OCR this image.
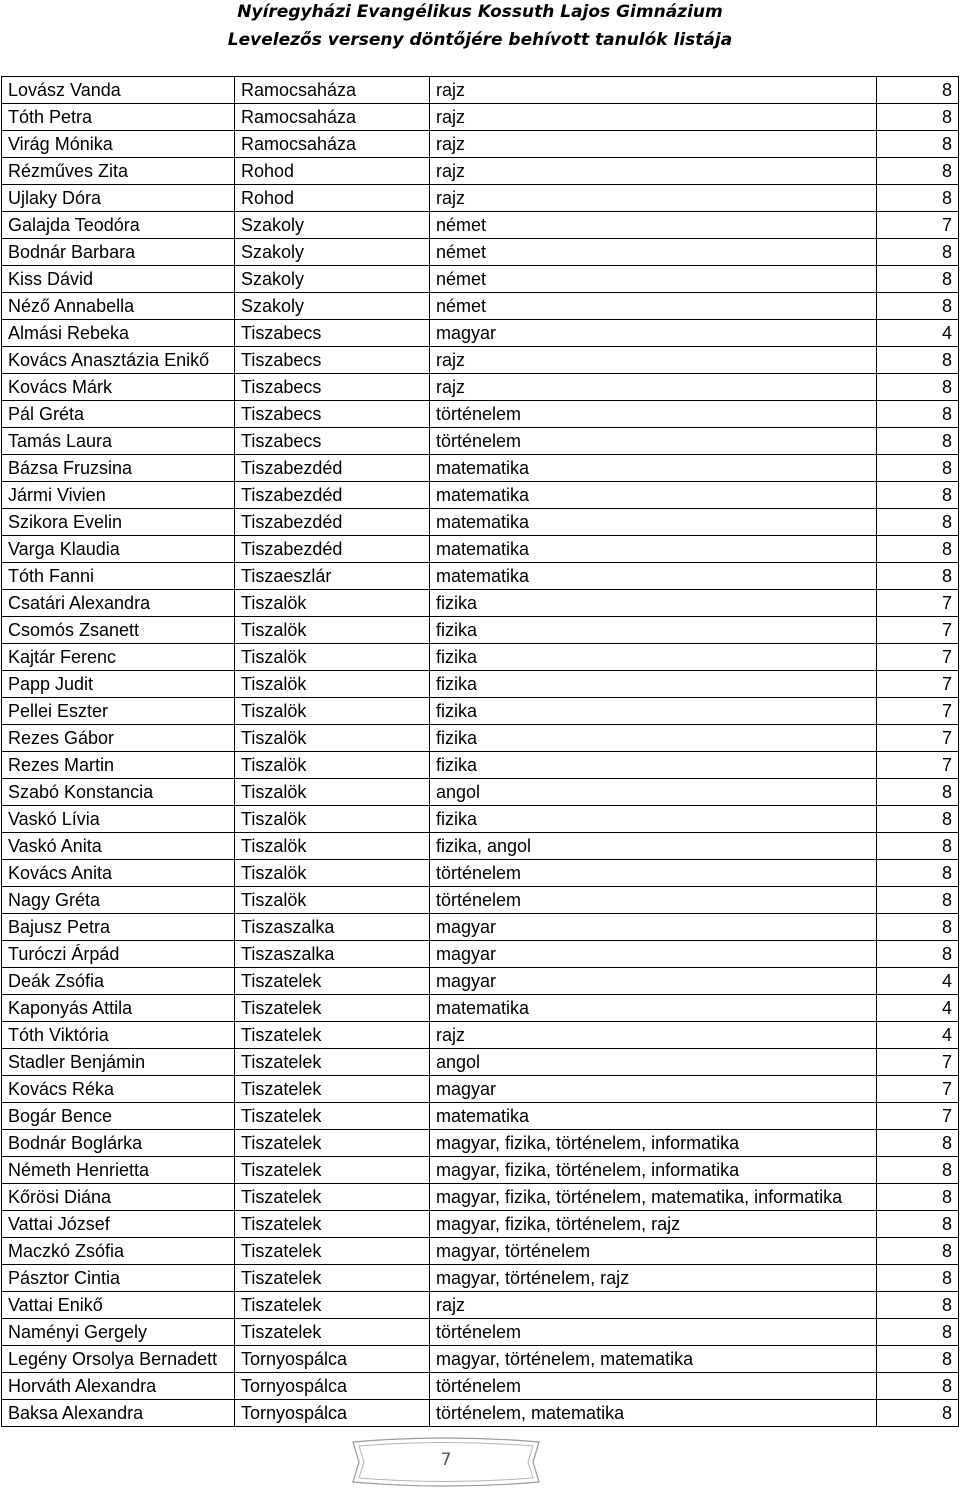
Nyíregyházi Evangélikus Kossuth Lajos Gimnázium
Levelezős verseny döntőjére behívott tanulók listája
Lovász Vanda	Ramocsaháza	rajz	8
Tóth Petra	Ramocsaháza	rajz	8
Virág Mónika	Ramocsaháza	rajz	8
Rézműves Zita	Rohod	rajz	8
Ujlaky Dóra	Rohod	rajz	8
Galajda Teodóra	Szakoly	német	7
Bodnár Barbara	Szakoly	német	8
Kiss Dávid	Szakoly	német	8
Néző Annabella	Szakoly	német	8
Almási Rebeka	Tiszabecs	magyar	4
Kovács Anasztázia Enikő	Tiszabecs	rajz	8
Kovács Márk	Tiszabecs	rajz	8
Pál Gréta	Tiszabecs	történelem	8
Tamás Laura	Tiszabecs	történelem	8
Bázsa Fruzsina	Tiszabezdéd	matematika	8
Jármi Vivien	Tiszabezdéd	matematika	8
Szikora Evelin	Tiszabezdéd	matematika	8
Varga Klaudia	Tiszabezdéd	matematika	8
Tóth Fanni	Tiszaeszlár	matematika	8
Csatári Alexandra	Tiszalök	fizika	7
Csomós Zsanett	Tiszalök	fizika	7
Kajtár Ferenc	Tiszalök	fizika	7
Papp Judit	Tiszalök	fizika	7
Pellei Eszter	Tiszalök	fizika	7
Rezes Gábor	Tiszalök	fizika	7
Rezes Martin	Tiszalök	fizika	7
Szabó Konstancia	Tiszalök	angol	8
Vaskó Lívia	Tiszalök	fizika	8
Vaskó Anita	Tiszalök	fizika, angol	8
Kovács Anita	Tiszalök	történelem	8
Nagy Gréta	Tiszalök	történelem	8
Bajusz Petra	Tiszaszalka	magyar	8
Turóczi Árpád	Tiszaszalka	magyar	8
Deák Zsófia	Tiszatelek	magyar	4
Kaponyás Attila	Tiszatelek	matematika	4
Tóth Viktória	Tiszatelek	rajz	4
Stadler Benjámin	Tiszatelek	angol	7
Kovács Réka	Tiszatelek	magyar	7
Bogár Bence	Tiszatelek	matematika	7
Bodnár Boglárka	Tiszatelek	magyar, fizika, történelem, informatika	8
Németh Henrietta	Tiszatelek	magyar, fizika, történelem, informatika	8
Kőrösi Diána	Tiszatelek	magyar, fizika, történelem, matematika, informatika	8
Vattai József	Tiszatelek	magyar, fizika, történelem, rajz	8
Maczkó Zsófia	Tiszatelek	magyar, történelem	8
Pásztor Cintia	Tiszatelek	magyar, történelem, rajz	8
Vattai Enikő	Tiszatelek	rajz	8
Naményi Gergely	Tiszatelek	történelem	8
Legény Orsolya Bernadett	Tornyospálca	magyar, történelem, matematika	8
Horváth Alexandra	Tornyospálca	történelem	8
Baksa Alexandra	Tornyospálca	történelem, matematika	8
7
